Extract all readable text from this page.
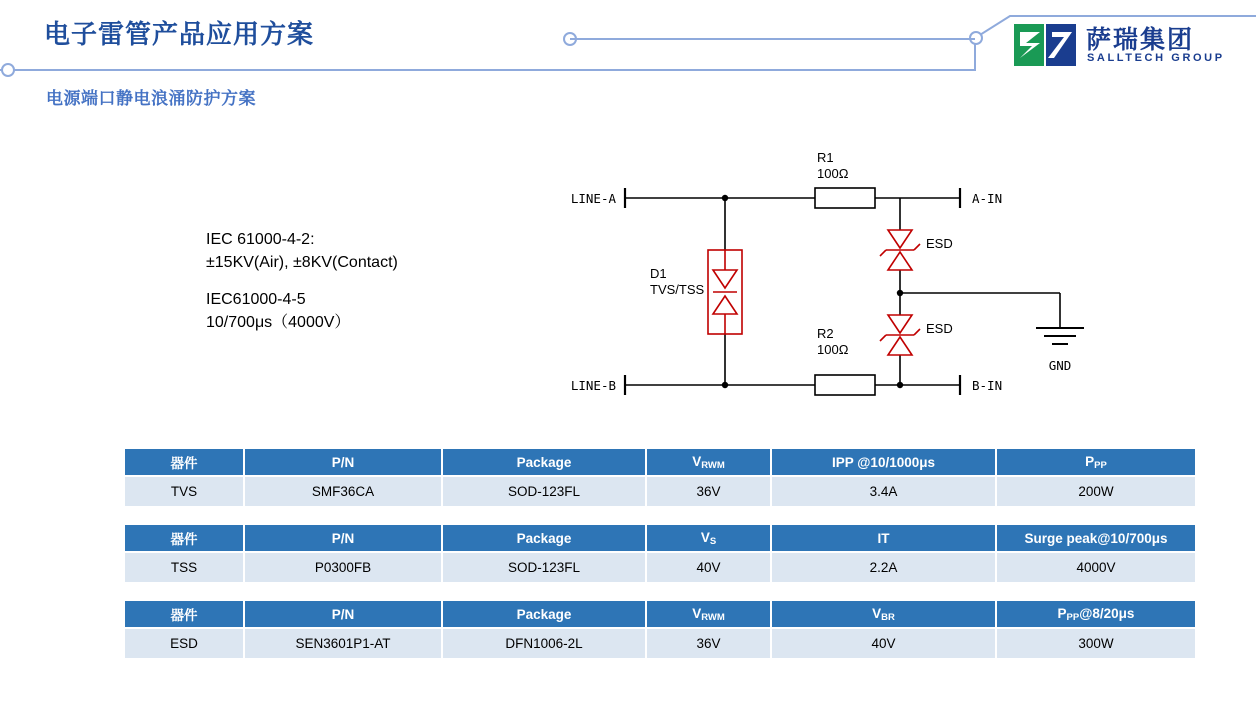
电子雷管产品应用方案
电源端口静电浪涌防护方案
萨瑞集团
SALLTECH GROUP
IEC 61000-4-2:
±15KV(Air), ±8KV(Contact)
IEC61000-4-5
10/700μs（4000V）
LINE-A
LINE-B
A-IN
B-IN
GND
R1
100Ω
R2
100Ω
D1
TVS/TSS
ESD
ESD
器件	P/N	Package	$V_{RWM}$	IPP @10/1000μs	$P_{PP}$
TVS	SMF36CA	SOD-123FL	36V	3.4A	200W
器件	P/N	Package	$V_S$	IT	Surge peak@10/700μs
TSS	P0300FB	SOD-123FL	40V	2.2A	4000V
器件	P/N	Package	$V_{RWM}$	$V_{BR}$	$P_{PP}@8/20\mu s$
ESD	SEN3601P1-AT	DFN1006-2L	36V	40V	300W
